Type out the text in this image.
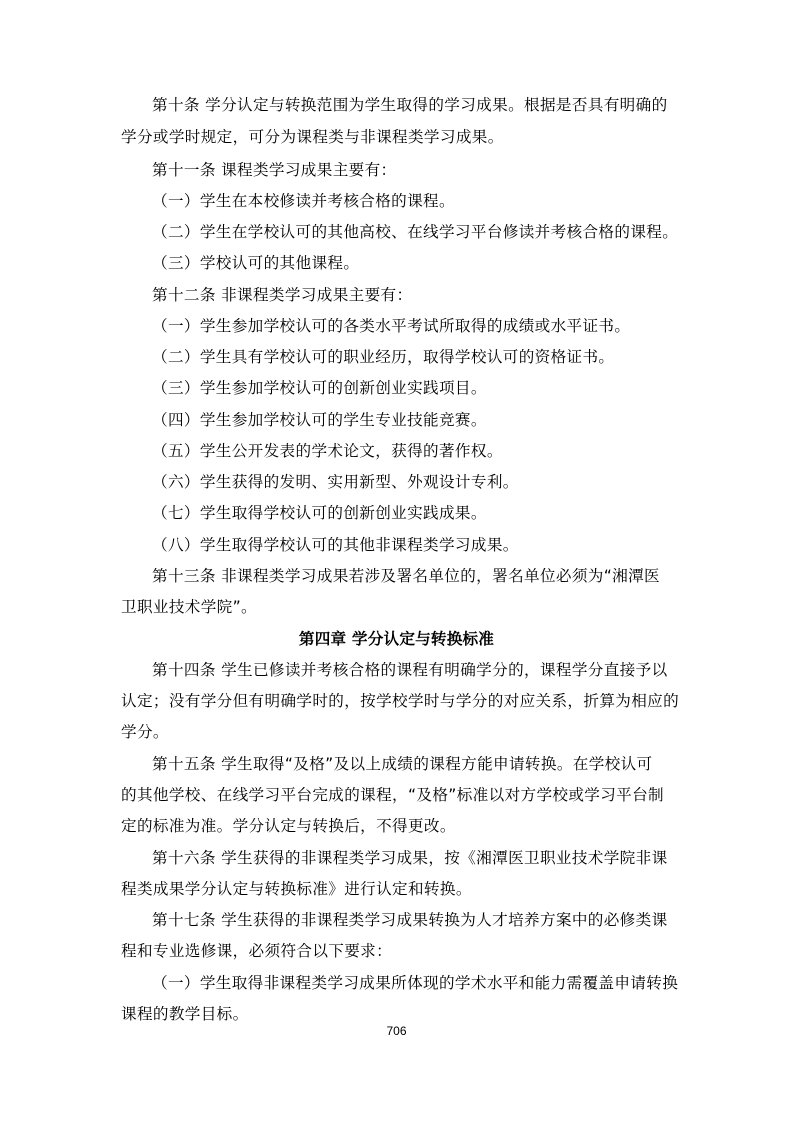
第十条 学分认定与转换范围为学生取得的学习成果。根据是否具有明确的
学分或学时规定，可分为课程类与非课程类学习成果。
第十一条 课程类学习成果主要有：
（一）学生在本校修读并考核合格的课程。
（二）学生在学校认可的其他高校、在线学习平台修读并考核合格的课程。
（三）学校认可的其他课程。
第十二条 非课程类学习成果主要有：
（一）学生参加学校认可的各类水平考试所取得的成绩或水平证书。
（二）学生具有学校认可的职业经历，取得学校认可的资格证书。
（三）学生参加学校认可的创新创业实践项目。
（四）学生参加学校认可的学生专业技能竞赛。
（五）学生公开发表的学术论文，获得的著作权。
（六）学生获得的发明、实用新型、外观设计专利。
（七）学生取得学校认可的创新创业实践成果。
（八）学生取得学校认可的其他非课程类学习成果。
第十三条 非课程类学习成果若涉及署名单位的，署名单位必须为“湘潭医
卫职业技术学院”。
第四章 学分认定与转换标准
第十四条 学生已修读并考核合格的课程有明确学分的，课程学分直接予以
认定；没有学分但有明确学时的，按学校学时与学分的对应关系，折算为相应的
学分。
第十五条 学生取得“及格”及以上成绩的课程方能申请转换。在学校认可
的其他学校、在线学习平台完成的课程，“及格”标准以对方学校或学习平台制
定的标准为准。学分认定与转换后，不得更改。
第十六条 学生获得的非课程类学习成果，按《湘潭医卫职业技术学院非课
程类成果学分认定与转换标准》进行认定和转换。
第十七条 学生获得的非课程类学习成果转换为人才培养方案中的必修类课
程和专业选修课，必须符合以下要求：
（一）学生取得非课程类学习成果所体现的学术水平和能力需覆盖申请转换
课程的教学目标。
706
